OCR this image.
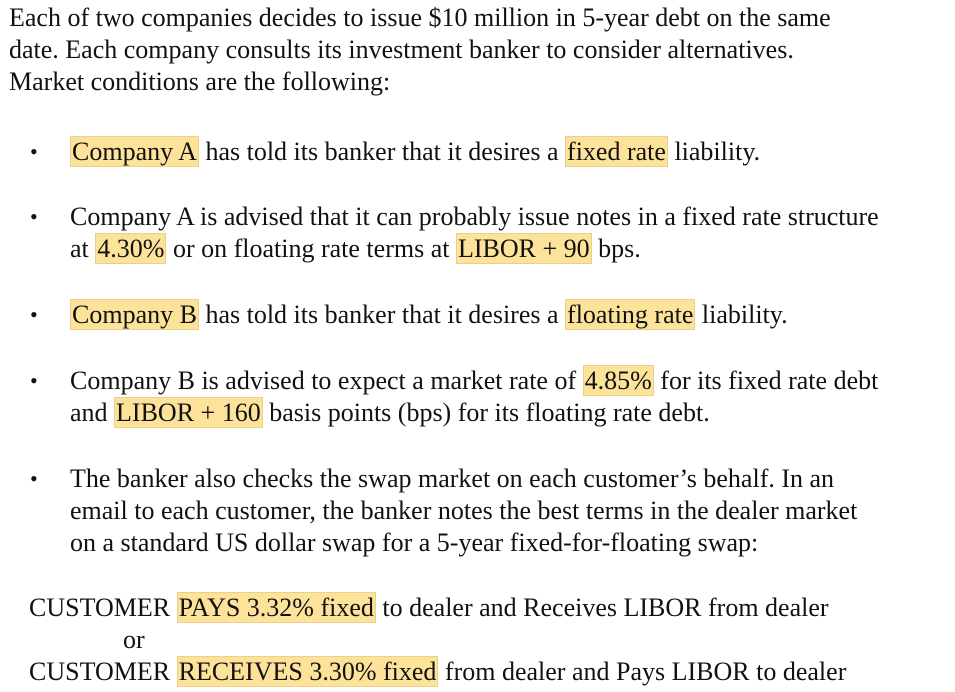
Each of two companies decides to issue $10 million in 5-year debt on the same
date. Each company consults its investment banker to consider alternatives.
Market conditions are the following:
• Company A has told its banker that it desires a fixed rate liability.
• Company A is advised that it can probably issue notes in a fixed rate structure
at 4.30% or on floating rate terms at LIBOR + 90 bps.
• Company B has told its banker that it desires a floating rate liability.
• Company B is advised to expect a market rate of 4.85% for its fixed rate debt
and LIBOR + 160 basis points (bps) for its floating rate debt.
• The banker also checks the swap market on each customer’s behalf. In an
email to each customer, the banker notes the best terms in the dealer market
on a standard US dollar swap for a 5-year fixed-for-floating swap:
CUSTOMER PAYS 3.32% fixed to dealer and Receives LIBOR from dealer
or
CUSTOMER RECEIVES 3.30% fixed from dealer and Pays LIBOR to dealer
